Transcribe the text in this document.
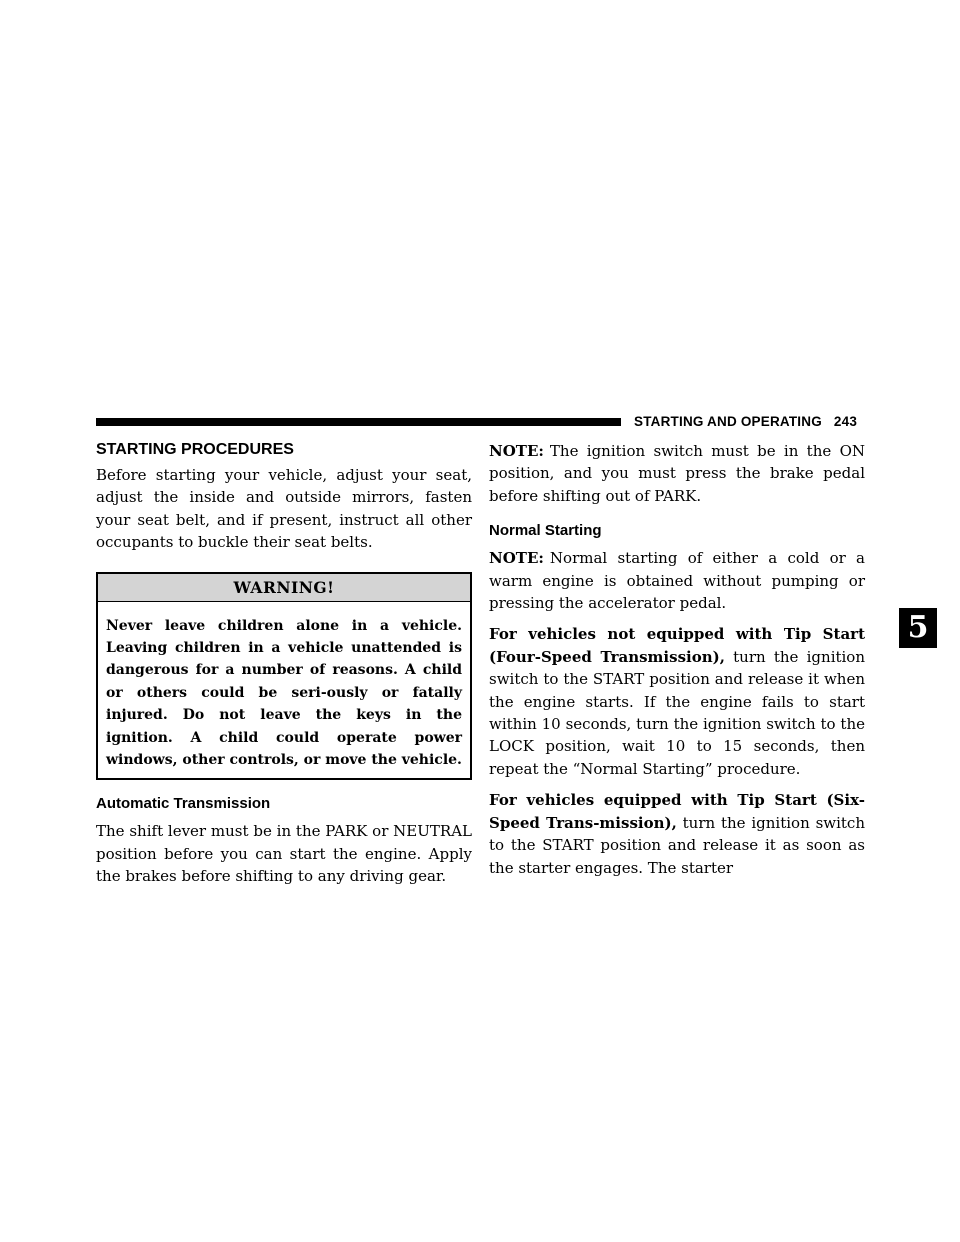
STARTING AND OPERATING 243
STARTING PROCEDURES

Before starting your vehicle, adjust your seat, adjust the inside and outside mirrors, fasten your seat belt, and if present, instruct all other occupants to buckle their seat belts.

WARNING!
Never leave children alone in a vehicle. Leaving children in a vehicle unattended is dangerous for a number of reasons. A child or others could be seri-ously or fatally injured. Do not leave the keys in the ignition. A child could operate power windows, other controls, or move the vehicle.
Automatic Transmission

The shift lever must be in the PARK or NEUTRAL position before you can start the engine. Apply the brakes before shifting to any driving gear.

NOTE: The ignition switch must be in the ON position, and you must press the brake pedal before shifting out of PARK.

Normal Starting

NOTE: Normal starting of either a cold or a warm engine is obtained without pumping or pressing the accelerator pedal.

For vehicles not equipped with Tip Start (Four-Speed Transmission), turn the ignition switch to the START position and release it when the engine starts. If the engine fails to start within 10 seconds, turn the ignition switch to the LOCK position, wait 10 to 15 seconds, then repeat the “Normal Starting” procedure.

For vehicles equipped with Tip Start (Six-Speed Trans-mission), turn the ignition switch to the START position and release it as soon as the starter engages. The starter

5
